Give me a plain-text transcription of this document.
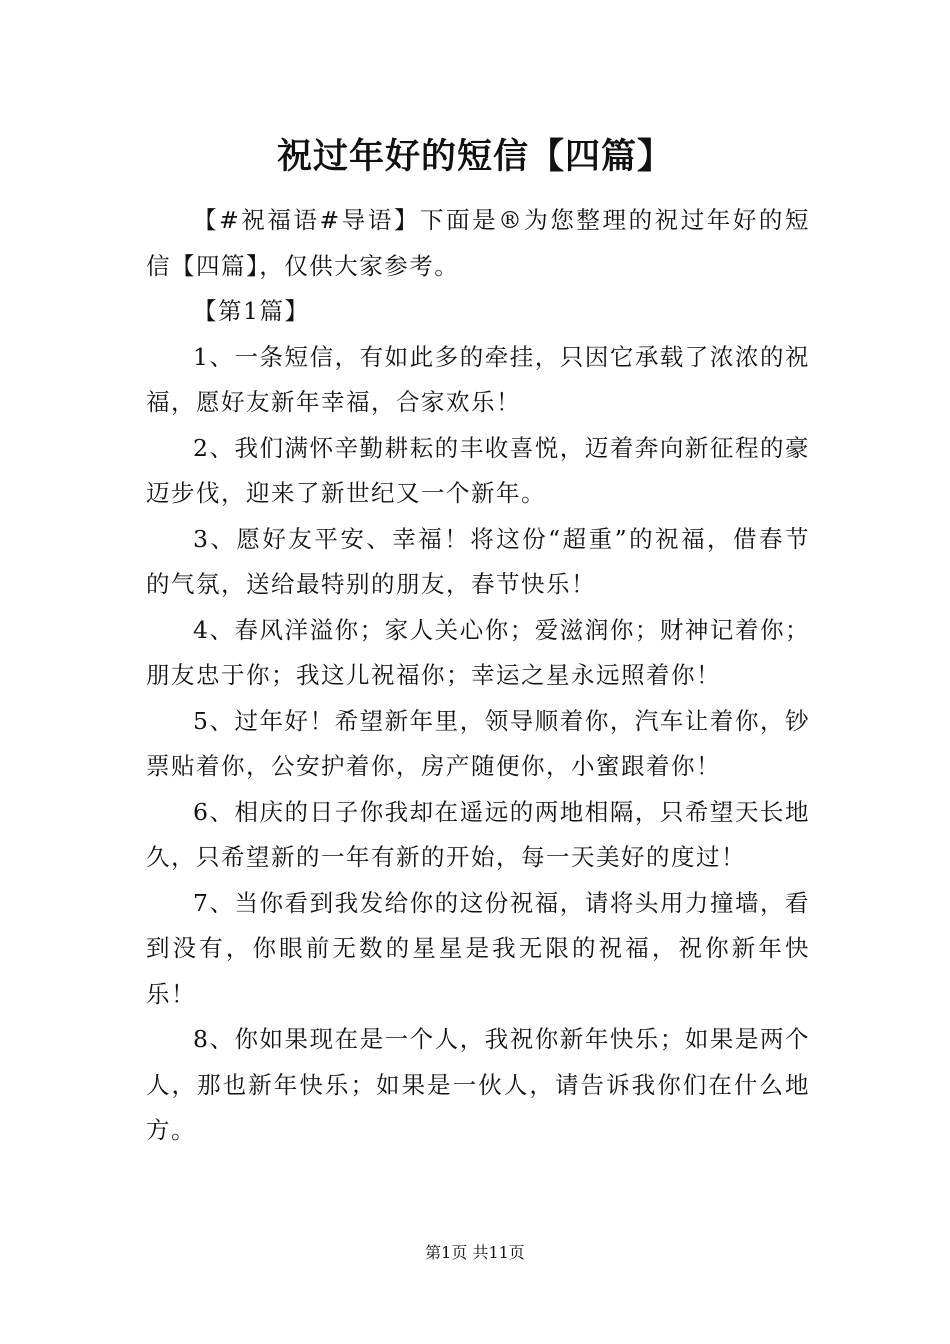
祝过年好的短信【四篇】

【#祝福语#导语】下面是®为您整理的祝过年好的短信【四篇】，仅供大家参考。

【第1篇】

1、一条短信，有如此多的牵挂，只因它承载了浓浓的祝福，愿好友新年幸福，合家欢乐！

2、我们满怀辛勤耕耘的丰收喜悦，迈着奔向新征程的豪迈步伐，迎来了新世纪又一个新年。

3、愿好友平安、幸福！将这份“超重”的祝福，借春节的气氛，送给最特别的朋友，春节快乐！

4、春风洋溢你；家人关心你；爱滋润你；财神记着你；朋友忠于你；我这儿祝福你；幸运之星永远照着你！

5、过年好！希望新年里，领导顺着你，汽车让着你，钞票贴着你，公安护着你，房产随便你，小蜜跟着你！

6、相庆的日子你我却在遥远的两地相隔，只希望天长地久，只希望新的一年有新的开始，每一天美好的度过！

7、当你看到我发给你的这份祝福，请将头用力撞墙，看到没有，你眼前无数的星星是我无限的祝福，祝你新年快乐！

8、你如果现在是一个人，我祝你新年快乐；如果是两个人，那也新年快乐；如果是一伙人，请告诉我你们在什么地方。

第1页 共11页
